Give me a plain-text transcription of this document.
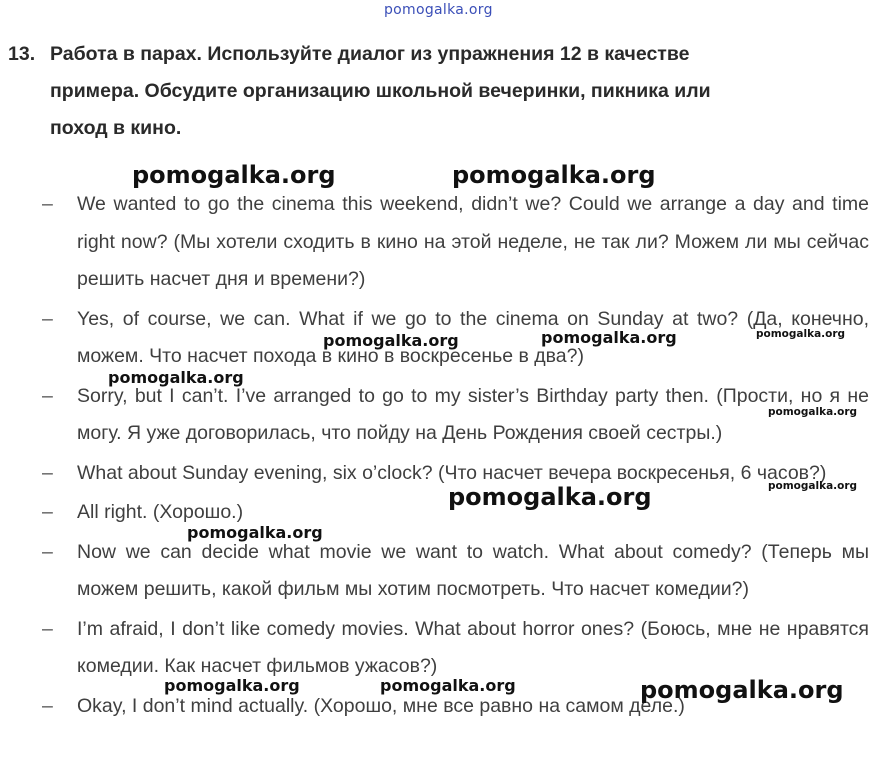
pomogalka.org
13. Работа в парах. Используйте диалог из упражнения 12 в качестве
примера. Обсудите организацию школьной вечеринки, пикника или
поход в кино.
– We wanted to go the cinema this weekend, didn’t we? Could we arrange a day and time right now? (Мы хотели сходить в кино на этой неделе, не так ли? Можем ли мы сейчас решить насчет дня и времени?)
– Yes, of course, we can. What if we go to the cinema on Sunday at two? (Да, конечно, можем. Что насчет похода в кино в воскресенье в два?)
– Sorry, but I can’t. I’ve arranged to go to my sister’s Birthday party then. (Прости, но я не могу. Я уже договорилась, что пойду на День Рождения своей сестры.)
– What about Sunday evening, six o’clock? (Что насчет вечера воскресенья, 6 часов?)
– All right. (Хорошо.)
– Now we can decide what movie we want to watch. What about comedy? (Теперь мы можем решить, какой фильм мы хотим посмотреть. Что насчет комедии?)
– I’m afraid, I don’t like comedy movies. What about horror ones? (Боюсь, мне не нравятся комедии. Как насчет фильмов ужасов?)
– Okay, I don’t mind actually. (Хорошо, мне все равно на самом деле.)
pomogalka.org	pomogalka.org
pomogalka.org
pomogalka.org	pomogalka.org
pomogalka.org
pomogalka.org
pomogalka.org
pomogalka.org
pomogalka.org
pomogalka.org	pomogalka.org	pomogalka.org
